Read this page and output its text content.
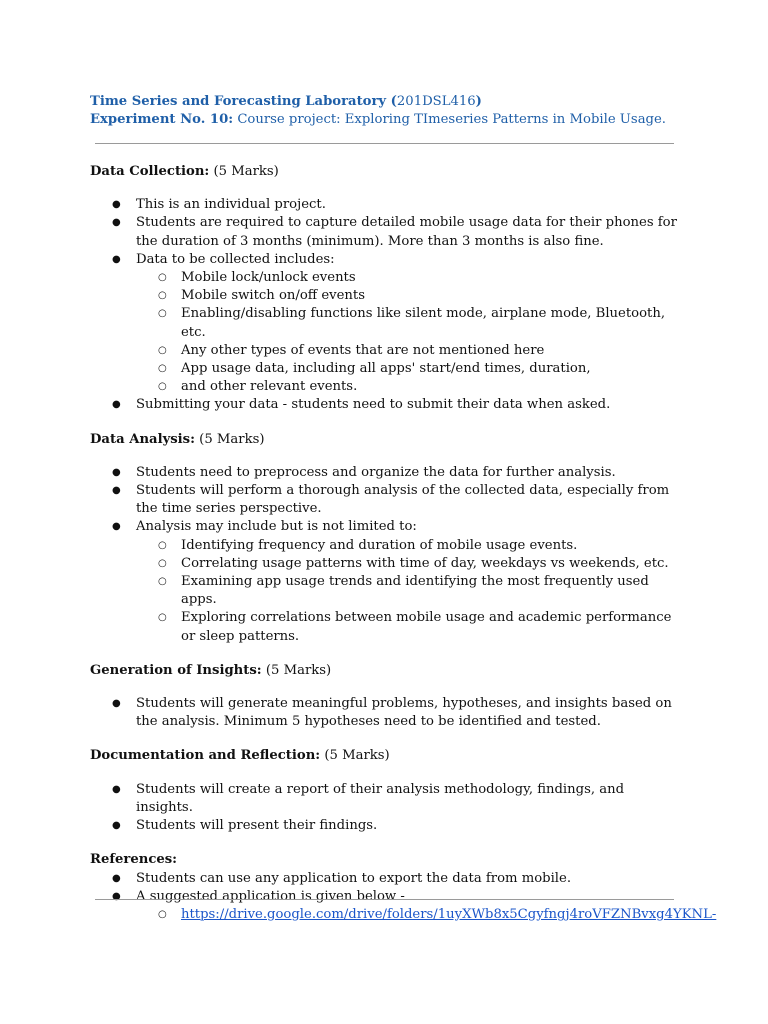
Time Series and Forecasting Laboratory (201DSL416)
Experiment No. 10: Course project: Exploring TImeseries Patterns in Mobile Usage.

Data Collection: (5 Marks)

● This is an individual project.
● Students are required to capture detailed mobile usage data for their phones for the duration of 3 months (minimum). More than 3 months is also fine.
● Data to be collected includes:
○ Mobile lock/unlock events
○ Mobile switch on/off events
○ Enabling/disabling functions like silent mode, airplane mode, Bluetooth, etc.
○ Any other types of events that are not mentioned here
○ App usage data, including all apps' start/end times, duration,
○ and other relevant events.
● Submitting your data - students need to submit their data when asked.

Data Analysis: (5 Marks)

● Students need to preprocess and organize the data for further analysis.
● Students will perform a thorough analysis of the collected data, especially from the time series perspective.
● Analysis may include but is not limited to:
○ Identifying frequency and duration of mobile usage events.
○ Correlating usage patterns with time of day, weekdays vs weekends, etc.
○ Examining app usage trends and identifying the most frequently used apps.
○ Exploring correlations between mobile usage and academic performance or sleep patterns.

Generation of Insights: (5 Marks)

● Students will generate meaningful problems, hypotheses, and insights based on the analysis. Minimum 5 hypotheses need to be identified and tested.

Documentation and Reflection: (5 Marks)

● Students will create a report of their analysis methodology, findings, and insights.
● Students will present their findings.

References:

● Students can use any application to export the data from mobile.
● A suggested application is given below -
○ https://drive.google.com/drive/folders/1uyXWb8x5Cgyfngj4roVFZNBvxg4YKNL-
